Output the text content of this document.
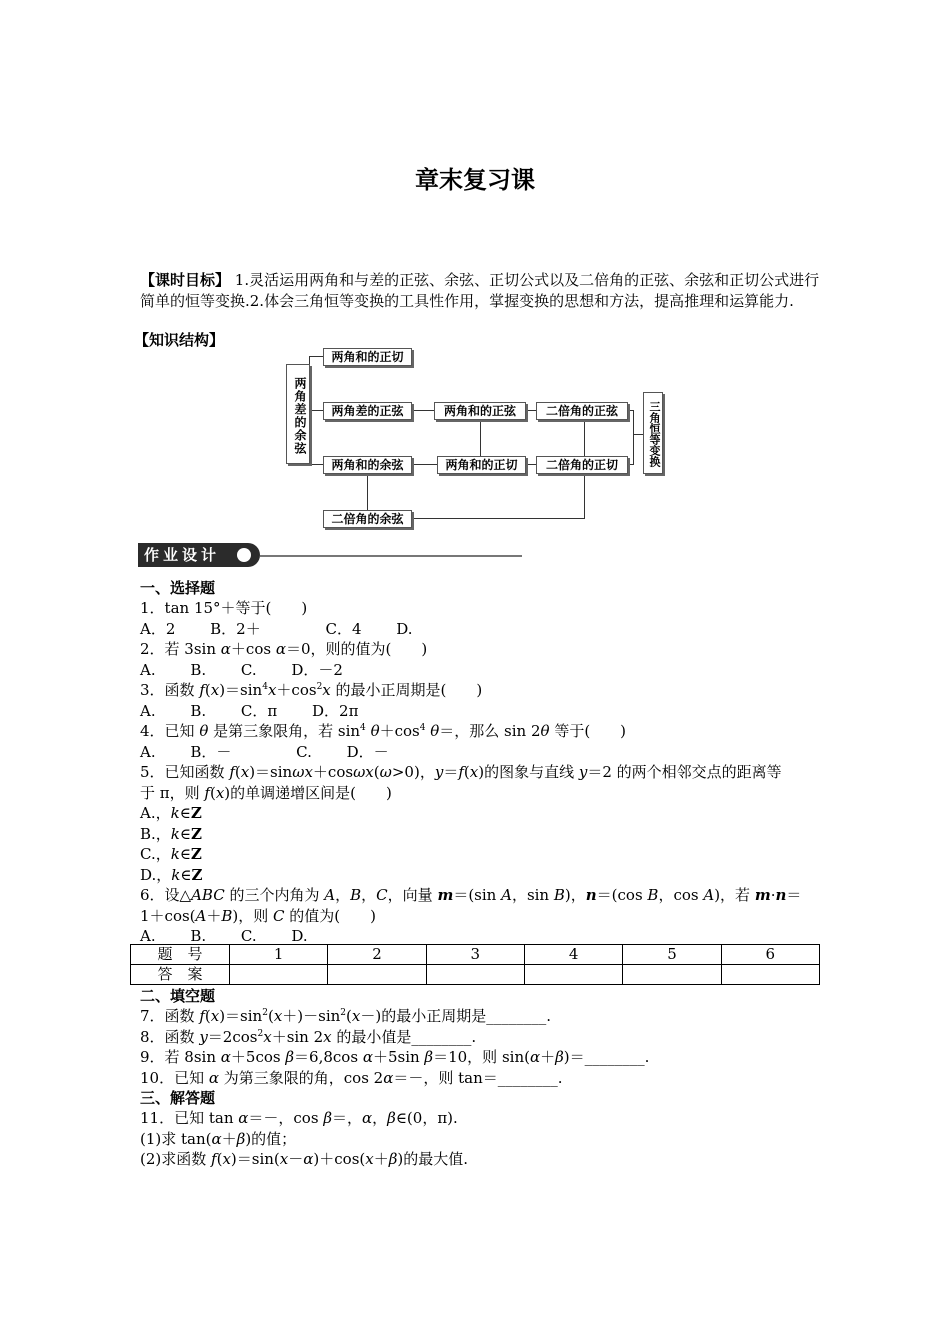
章末复习课
【课时目标】 1.灵活运用两角和与差的正弦、余弦、正切公式以及二倍角的正弦、余弦和正切公式进行简单的恒等变换.2.体会三角恒等变换的工具性作用，掌握变换的思想和方法，提高推理和运算能力.
【知识结构】
两角差的余弦
两角和的正切
两角差的正弦
两角和的余弦
二倍角的余弦
两角和的正弦
两角和的正切
二倍角的正弦
二倍角的正切	三角恒等变换
作业设计
一、选择题
1．tan 15°＋等于(　　)
A．2　　 B．2＋　　　　 C．4　　 D.
2．若 3sin α＋cos α＝0，则的值为(　　)
A.　　 B.　　 C.　　 D．－2
3．函数 $f(x)=\sin^4x+\cos^2x$ 的最小正周期是(　　)
A.　　 B.　　 C．π　　 D．2π
4．已知 θ 是第三象限角，若 $\sin^4 \theta+\cos^4$ θ＝，那么 sin 2θ 等于(　　)
A.　　 B．－　　　　 C.　　 D．－
5．已知函数 f(x)＝sinωx＋cosωx(ω>0)，y＝f(x)的图象与直线 y＝2 的两个相邻交点的距离等
于 π，则 f(x)的单调递增区间是(　　)
A.，k∈Z
B.，k∈Z
C.，k∈Z
D.，k∈Z
6．设△ABC 的三个内角为 A，B，C，向量 m＝(sin A，sin B)，n＝(cos B，cos A)，若 m·n＝
1＋cos(A＋B)，则 C 的值为(　　)
A.　　 B.　　 C.　　 D.
题　号	1	2	3	4	5	6
答　案						
二、填空题
7．函数 $f(x)=\sin^2(x+)-\sin^2(x-)$的最小正周期是________.
8．函数 $y=2\cos^2x+\sin$ 2x 的最小值是________.
9．若 8sin α＋5cos β＝6,8cos α＋5sin β＝10，则 sin(α＋β)＝________.
10．已知 α 为第三象限的角，cos 2α＝－，则 tan＝________.
三、解答题
11．已知 tan α＝－，cos β＝，α，β∈(0，π).
(1)求 tan(α＋β)的值；
(2)求函数 f(x)＝sin(x－α)＋cos(x＋β)的最大值.
